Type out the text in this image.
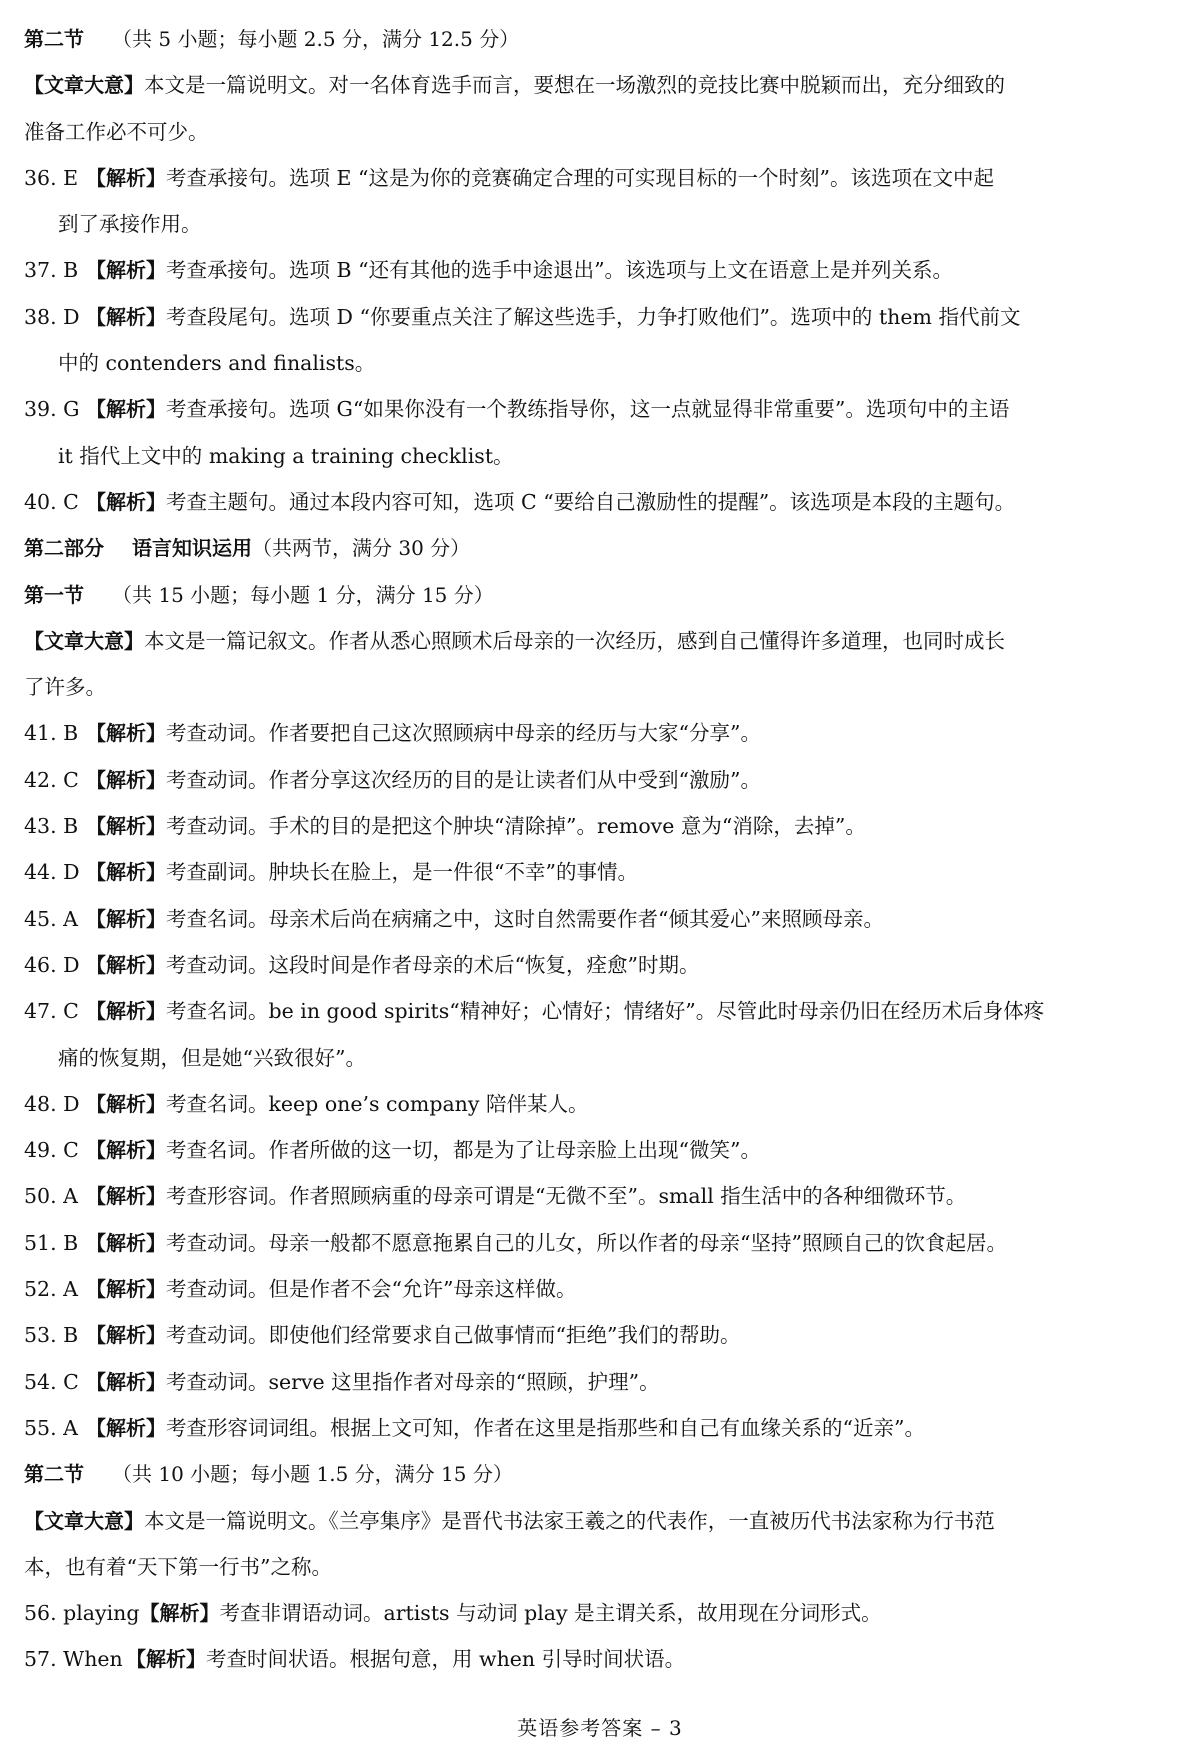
第二节 （共 5 小题；每小题 2.5 分，满分 12.5 分）
【文章大意】本文是一篇说明文。对一名体育选手而言，要想在一场激烈的竞技比赛中脱颖而出，充分细致的
准备工作必不可少。
36. E 【解析】考查承接句。选项 E “这是为你的竞赛确定合理的可实现目标的一个时刻”。该选项在文中起
到了承接作用。
37. B 【解析】考查承接句。选项 B “还有其他的选手中途退出”。该选项与上文在语意上是并列关系。
38. D 【解析】考查段尾句。选项 D “你要重点关注了解这些选手，力争打败他们”。选项中的 them 指代前文
中的 contenders and finalists。
39. G 【解析】考查承接句。选项 G“如果你没有一个教练指导你，这一点就显得非常重要”。选项句中的主语
it 指代上文中的 making a training checklist。
40. C 【解析】考查主题句。通过本段内容可知，选项 C “要给自己激励性的提醒”。该选项是本段的主题句。
第二部分 语言知识运用（共两节，满分 30 分）
第一节 （共 15 小题；每小题 1 分，满分 15 分）
【文章大意】本文是一篇记叙文。作者从悉心照顾术后母亲的一次经历，感到自己懂得许多道理，也同时成长
了许多。
41. B 【解析】考查动词。作者要把自己这次照顾病中母亲的经历与大家“分享”。
42. C 【解析】考查动词。作者分享这次经历的目的是让读者们从中受到“激励”。
43. B 【解析】考查动词。手术的目的是把这个肿块“清除掉”。remove 意为“消除，去掉”。
44. D 【解析】考查副词。肿块长在脸上，是一件很“不幸”的事情。
45. A 【解析】考查名词。母亲术后尚在病痛之中，这时自然需要作者“倾其爱心”来照顾母亲。
46. D 【解析】考查动词。这段时间是作者母亲的术后“恢复，痊愈”时期。
47. C 【解析】考查名词。be in good spirits“精神好；心情好；情绪好”。尽管此时母亲仍旧在经历术后身体疼
痛的恢复期，但是她“兴致很好”。
48. D 【解析】考查名词。keep one’s company 陪伴某人。
49. C 【解析】考查名词。作者所做的这一切，都是为了让母亲脸上出现“微笑”。
50. A 【解析】考查形容词。作者照顾病重的母亲可谓是“无微不至”。small 指生活中的各种细微环节。
51. B 【解析】考查动词。母亲一般都不愿意拖累自己的儿女，所以作者的母亲“坚持”照顾自己的饮食起居。
52. A 【解析】考查动词。但是作者不会“允许”母亲这样做。
53. B 【解析】考查动词。即使他们经常要求自己做事情而“拒绝”我们的帮助。
54. C 【解析】考查动词。serve 这里指作者对母亲的“照顾，护理”。
55. A 【解析】考查形容词词组。根据上文可知，作者在这里是指那些和自己有血缘关系的“近亲”。
第二节 （共 10 小题；每小题 1.5 分，满分 15 分）
【文章大意】本文是一篇说明文。《兰亭集序》是晋代书法家王羲之的代表作，一直被历代书法家称为行书范
本，也有着“天下第一行书”之称。
56. playing【解析】考查非谓语动词。artists 与动词 play 是主谓关系，故用现在分词形式。
57. When 【解析】考查时间状语。根据句意，用 when 引导时间状语。
英语参考答案 – 3
